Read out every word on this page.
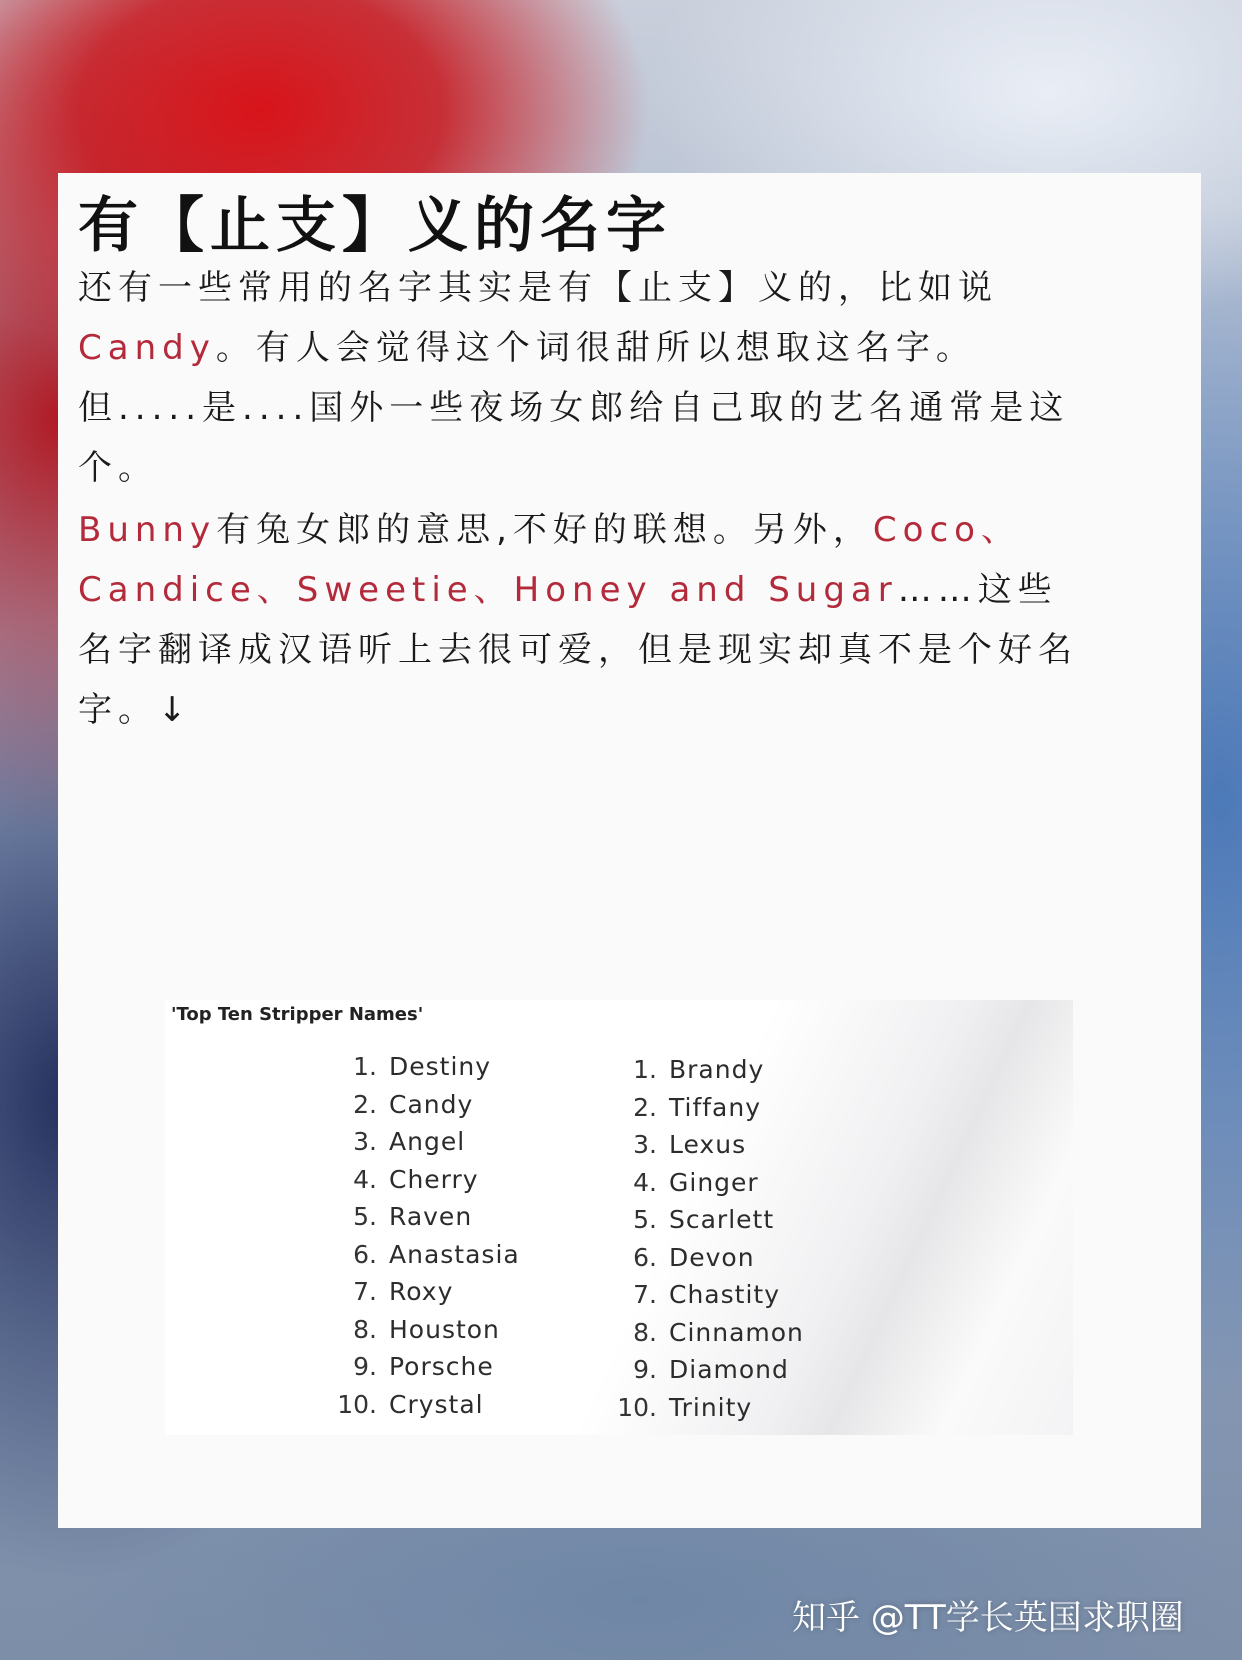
有【止支】义的名字
还有一些常用的名字其实是有【止支】义的，比如说Candy。有人会觉得这个词很甜所以想取这名字。但.....是....国外一些夜场女郎给自己取的艺名通常是这个。
Bunny有兔女郎的意思,不好的联想。另外，Coco、Candice、Sweetie、Honey and Sugar……这些名字翻译成汉语听上去很可爱，但是现实却真不是个好名字。↓
'Top Ten Stripper Names'
1. Destiny
2. Candy
3. Angel
4. Cherry
5. Raven
6. Anastasia
7. Roxy
8. Houston
9. Porsche
10. Crystal
1. Brandy
2. Tiffany
3. Lexus
4. Ginger
5. Scarlett
6. Devon
7. Chastity
8. Cinnamon
9. Diamond
10. Trinity
知乎 @TT学长英国求职圈
